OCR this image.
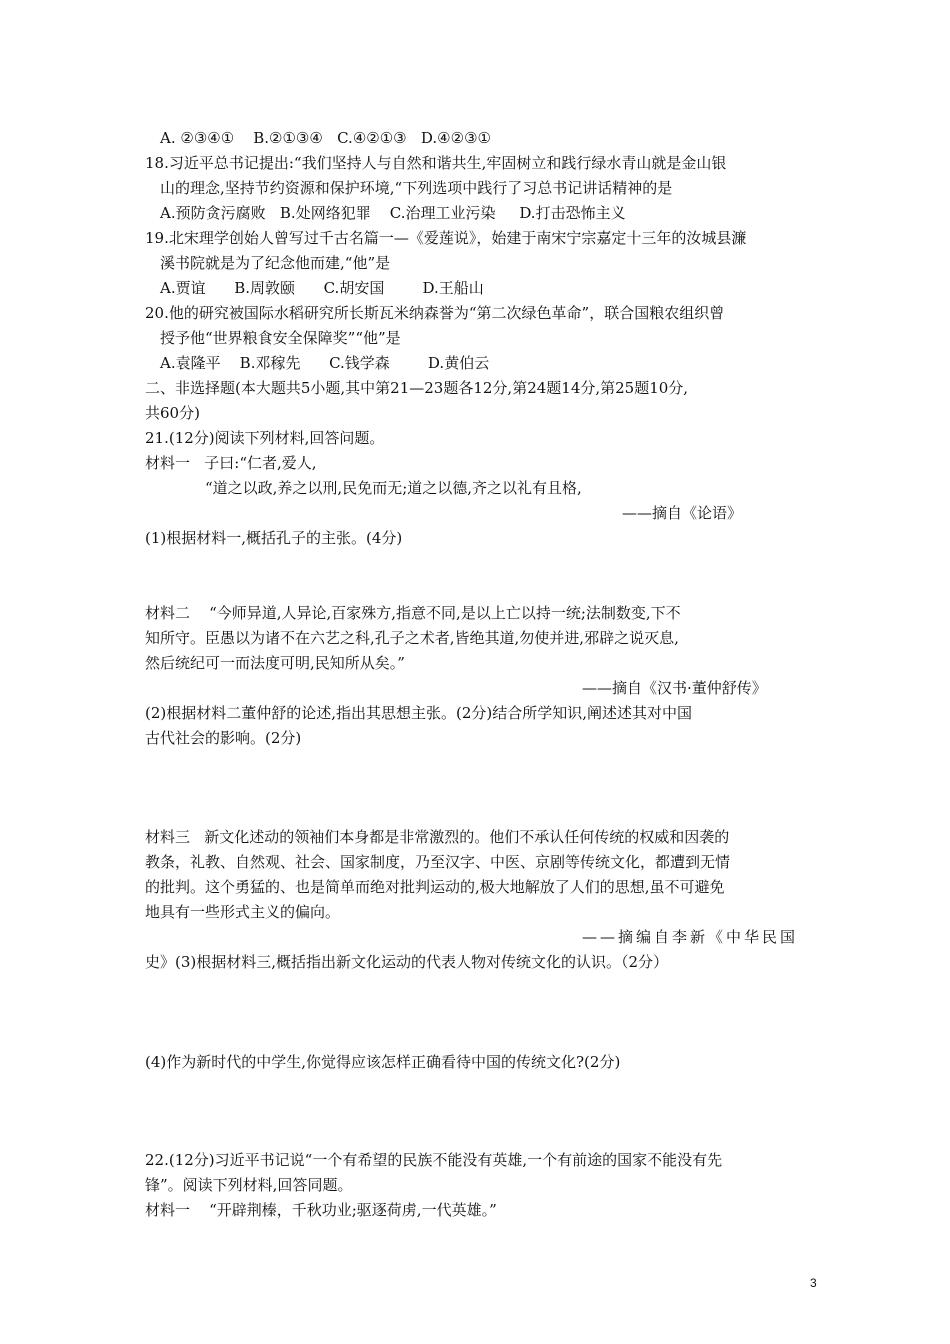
A. ②③④①    B.②①③④   C.④②①③   D.④②③①
18.习近平总书记提出:“我们坚持人与自然和谐共生,牢固树立和践行绿水青山就是金山银
山的理念,坚持节约资源和保护环境,“下列选项中践行了习总书记讲话精神的是
A.预防贪污腐败   B.处网络犯罪    C.治理工业污染     D.打击恐怖主义
19.北宋理学创始人曾写过千古名篇一—《爱莲说》，始建于南宋宁宗嘉定十三年的汝城县濂
溪书院就是为了纪念他而建,“他”是
A.贾谊      B.周敦颐      C.胡安国        D.王船山
20.他的研究被国际水稻研究所长斯瓦米纳森誉为“第二次绿色革命”，联合国粮农组织曾
授予他“世界粮食安全保障奖”“他”是
A.袁隆平    B.邓稼先      C.钱学森        D.黄伯云
二、非选择题(本大题共5小题,其中第21—23题各12分,第24题14分,第25题10分,
共60分)
21.(12分)阅读下列材料,回答问题。
材料一   子曰:“仁者,爱人,
“道之以政,养之以刑,民免而无;道之以德,齐之以礼有且格,
——摘自《论语》
(1)根据材料一,概括孔子的主张。(4分)
材料二    “今师异道,人异论,百家殊方,指意不同,是以上亡以持一统;法制数变,下不
知所守。臣愚以为诸不在六艺之科,孔子之术者,皆绝其道,勿使并进,邪辟之说灭息,
然后统纪可一而法度可明,民知所从矣。”
——摘自《汉书·董仲舒传》
(2)根据材料二董仲舒的论述,指出其思想主张。(2分)结合所学知识,阐述述其对中国
古代社会的影响。(2分)
材料三   新文化述动的领袖们本身都是非常激烈的。他们不承认任何传统的权威和因袭的
教条，礼教、自然观、社会、国家制度，乃至汉字、中医、京剧等传统文化，都遭到无情
的批判。这个勇猛的、也是简单而绝对批判运动的,极大地解放了人们的思想,虽不可避免
地具有一些形式主义的偏向。
——摘编自李新《中华民国
史》(3)根据材料三,概括指出新文化运动的代表人物对传统文化的认识。（2分）
(4)作为新时代的中学生,你觉得应该怎样正确看待中国的传统文化?(2分)
22.(12分)习近平书记说“一个有希望的民族不能没有英雄,一个有前途的国家不能没有先
锋”。阅读下列材料,回答同题。
材料一    “开辟荆榛，千秋功业;驱逐荷虏,一代英雄。”
3
